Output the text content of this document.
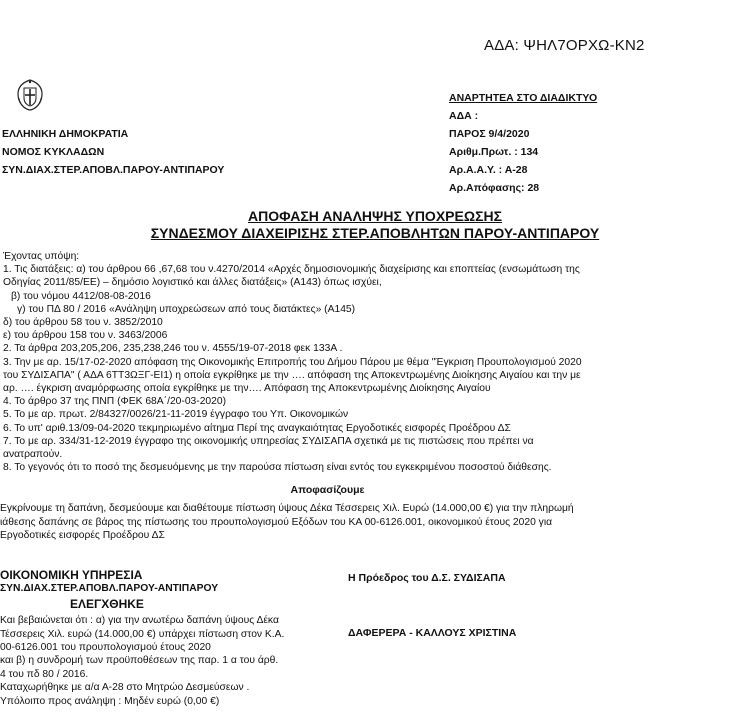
ΑΔΑ: ΨΗΛ7ΟΡΧΩ-ΚΝ2
ΕΛΛΗΝΙΚΗ ΔΗΜΟΚΡΑΤΙΑ
ΝΟΜΟΣ ΚΥΚΛΑΔΩΝ
ΣΥΝ.ΔΙΑΧ.ΣΤΕΡ.ΑΠΟΒΛ.ΠΑΡΟΥ-ΑΝΤΙΠΑΡΟΥ
ΑΝΑΡΤΗΤΕΑ ΣΤΟ ΔΙΑΔΙΚΤΥΟ
ΑΔΑ :
ΠΑΡΟΣ 9/4/2020
Αριθμ.Πρωτ. : 134
Αρ.Α.Α.Υ. : Α-28
Αρ.Απόφασης: 28
ΑΠΟΦΑΣΗ ΑΝΑΛΗΨΗΣ ΥΠΟΧΡΕΩΣΗΣ
ΣΥΝΔΕΣΜΟΥ ΔΙΑΧΕΙΡΙΣΗΣ ΣΤΕΡ.ΑΠΟΒΛΗΤΩΝ ΠΑΡΟΥ-ΑΝΤΙΠΑΡΟΥ
Έχοντας υπόψη:
1. Τις διατάξεις: α) του άρθρου 66 ,67,68 του ν.4270/2014 «Αρχές δημοσιονομικής διαχείρισης και εποπτείας (ενσωμάτωση της
Οδηγίας 2011/85/ΕΕ) – δημόσιο λογιστικό και άλλες διατάξεις» (Α143) όπως ισχύει,
β) του νόμου 4412/08-08-2016
γ) του ΠΔ 80 / 2016 «Ανάληψη υποχρεώσεων από τους διατάκτες» (Α145)
δ) του άρθρου 58 του ν. 3852/2010
ε) του άρθρου 158 του ν. 3463/2006
2. Τα άρθρα 203,205,206, 235,238,246 του ν. 4555/19-07-2018 φεκ 133Α .
3. Την με αρ. 15/17-02-2020 απόφαση της Οικονομικής Επιτροπής του Δήμου Πάρου με θέμα "Έγκριση Προυπολογισμού 2020
του ΣΥΔΙΣΑΠΑ" ( ΑΔΑ 6ΤΤ3ΩΞΓ-ΕΙ1) η οποία εγκρίθηκε με την …. απόφαση της Αποκεντρωμένης Διοίκησης Αιγαίου και την με
αρ. …. έγκριση αναμόρφωσης οποία εγκρίθηκε με την…. Απόφαση της Αποκεντρωμένης Διοίκησης Αιγαίου
4. Το άρθρο 37 της ΠΝΠ (ΦΕΚ 68Α΄/20-03-2020)
5. Το με αρ. πρωτ. 2/84327/0026/21-11-2019 έγγραφο του Υπ. Οικονομικών
6. Το υπ' αριθ.13/09-04-2020 τεκμηριωμένο αίτημα Περί της αναγκαιότητας Εργοδοτικές εισφορές Προέδρου ΔΣ
7. Το με αρ. 334/31-12-2019 έγγραφο της οικονομικής υπηρεσίας ΣΥΔΙΣΑΠΑ σχετικά με τις πιστώσεις που πρέπει να
ανατραπούν.
8. Το γεγονός ότι το ποσό της δεσμευόμενης με την παρούσα πίστωση είναι εντός του εγκεκριμένου ποσοστού διάθεσης.
Αποφασίζουμε
Εγκρίνουμε τη δαπάνη, δεσμεύουμε και διαθέτουμε πίστωση ύψους Δέκα Τέσσερεις Χιλ. Ευρώ (14.000,00 €) για την πληρωμή
ιάθεσης δαπάνης σε βάρος της πίστωσης του προυπολογισμού Εξόδων του ΚΑ 00-6126.001, οικονομικού έτους 2020 για
Εργοδοτικές εισφορές Προέδρου ΔΣ
ΟΙΚΟΝΟΜΙΚΗ ΥΠΗΡΕΣΙΑ
ΣΥΝ.ΔΙΑΧ.ΣΤΕΡ.ΑΠΟΒΛ.ΠΑΡΟΥ-ΑΝΤΙΠΑΡΟΥ
ΕΛΕΓΧΘΗΚΕ
Και βεβαιώνεται ότι : α) για την ανωτέρω δαπάνη ύψους Δέκα
Τέσσερεις Χιλ. ευρώ (14.000,00 €) υπάρχει πίστωση στον Κ.Α.
00-6126.001 του προυπολογισμού έτους 2020
και β) η συνδρομή των προϋποθέσεων της παρ. 1 α του άρθ.
4 του πδ 80 / 2016.
Καταχωρήθηκε με α/α Α-28 στο Μητρώο Δεσμεύσεων .
Υπόλοιπο προς ανάληψη : Μηδέν ευρώ (0,00 €)
Η Πρόεδρος του Δ.Σ. ΣΥΔΙΣΑΠΑ
ΔΑΦΕΡΕΡΑ - ΚΑΛΛΟΥΣ ΧΡΙΣΤΙΝΑ
